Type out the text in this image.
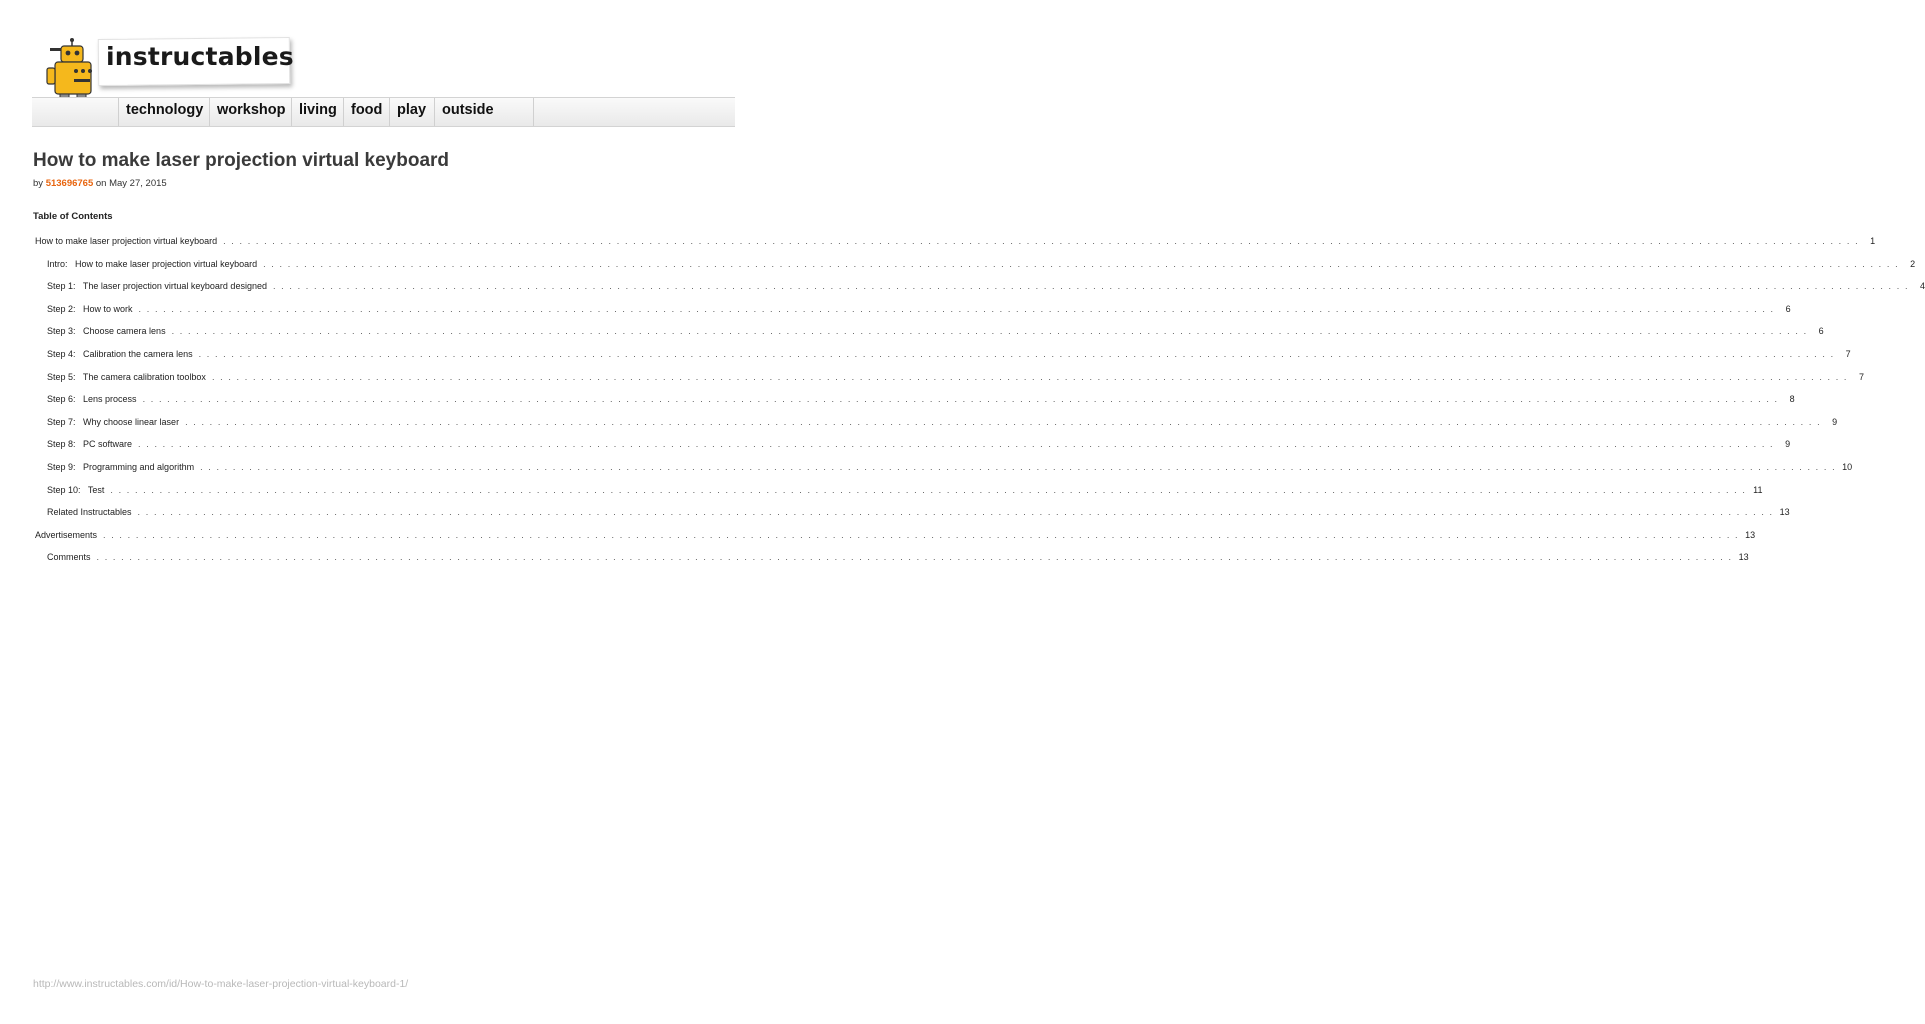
instructables
technology workshop living food	play	outside
How to make laser projection virtual keyboard
by 513696765 on May 27, 2015
Table of Contents
How to make laser projection virtual keyboard . . . . . . . . . . . . . . . . . . . . . . . . . . . . . . . . . . . . . . . . . . . . . . . . . . . . . . . . . . . . . . . . . . . . . . . . . . . . . . . . . . . . . . . . . . . . . . . . . . . . . . . . . . . . . . . . . . . . . . . . . . . . . . . . . . . . . . . . . . . . . . . . . . . . . . . . . . . . . . . . . . . . . . . . . . . . . . . . . . . . . . . . . . . . . . . . . . . . . . . .	1
Intro:   How to make laser projection virtual keyboard . . . . . . . . . . . . . . . . . . . . . . . . . . . . . . . . . . . . . . . . . . . . . . . . . . . . . . . . . . . . . . . . . . . . . . . . . . . . . . . . . . . . . . . . . . . . . . . . . . . . . . . . . . . . . . . . . . . . . . . . . . . . . . . . . . . . . . . . . . . . . . . . . . . . . . . . . . . . . . . . . . . . . . . . . . . . . . . . . . . . . . . . . . . . . . . . . . . . . . . .	2
Step 1:   The laser projection virtual keyboard designed . . . . . . . . . . . . . . . . . . . . . . . . . . . . . . . . . . . . . . . . . . . . . . . . . . . . . . . . . . . . . . . . . . . . . . . . . . . . . . . . . . . . . . . . . . . . . . . . . . . . . . . . . . . . . . . . . . . . . . . . . . . . . . . . . . . . . . . . . . . . . . . . . . . . . . . . . . . . . . . . . . . . . . . . . . . . . . . . . . . . . . . . . . . . . . . . . . . . . . . .	4
Step 2:   How to work . . . . . . . . . . . . . . . . . . . . . . . . . . . . . . . . . . . . . . . . . . . . . . . . . . . . . . . . . . . . . . . . . . . . . . . . . . . . . . . . . . . . . . . . . . . . . . . . . . . . . . . . . . . . . . . . . . . . . . . . . . . . . . . . . . . . . . . . . . . . . . . . . . . . . . . . . . . . . . . . . . . . . . . . . . . . . . . . . . . . . . . . . . . . . . . . . . . . . . . .	6
Step 3:   Choose camera lens . . . . . . . . . . . . . . . . . . . . . . . . . . . . . . . . . . . . . . . . . . . . . . . . . . . . . . . . . . . . . . . . . . . . . . . . . . . . . . . . . . . . . . . . . . . . . . . . . . . . . . . . . . . . . . . . . . . . . . . . . . . . . . . . . . . . . . . . . . . . . . . . . . . . . . . . . . . . . . . . . . . . . . . . . . . . . . . . . . . . . . . . . . . . . . . . . . . . . . . .	6
Step 4:   Calibration the camera lens . . . . . . . . . . . . . . . . . . . . . . . . . . . . . . . . . . . . . . . . . . . . . . . . . . . . . . . . . . . . . . . . . . . . . . . . . . . . . . . . . . . . . . . . . . . . . . . . . . . . . . . . . . . . . . . . . . . . . . . . . . . . . . . . . . . . . . . . . . . . . . . . . . . . . . . . . . . . . . . . . . . . . . . . . . . . . . . . . . . . . . . . . . . . . . . . . . . . . . . .	7
Step 5:   The camera calibration toolbox . . . . . . . . . . . . . . . . . . . . . . . . . . . . . . . . . . . . . . . . . . . . . . . . . . . . . . . . . . . . . . . . . . . . . . . . . . . . . . . . . . . . . . . . . . . . . . . . . . . . . . . . . . . . . . . . . . . . . . . . . . . . . . . . . . . . . . . . . . . . . . . . . . . . . . . . . . . . . . . . . . . . . . . . . . . . . . . . . . . . . . . . . . . . . . . . . . . . . . . .	7
Step 6:   Lens process . . . . . . . . . . . . . . . . . . . . . . . . . . . . . . . . . . . . . . . . . . . . . . . . . . . . . . . . . . . . . . . . . . . . . . . . . . . . . . . . . . . . . . . . . . . . . . . . . . . . . . . . . . . . . . . . . . . . . . . . . . . . . . . . . . . . . . . . . . . . . . . . . . . . . . . . . . . . . . . . . . . . . . . . . . . . . . . . . . . . . . . . . . . . . . . . . . . . . . . .	8
Step 7:   Why choose linear laser . . . . . . . . . . . . . . . . . . . . . . . . . . . . . . . . . . . . . . . . . . . . . . . . . . . . . . . . . . . . . . . . . . . . . . . . . . . . . . . . . . . . . . . . . . . . . . . . . . . . . . . . . . . . . . . . . . . . . . . . . . . . . . . . . . . . . . . . . . . . . . . . . . . . . . . . . . . . . . . . . . . . . . . . . . . . . . . . . . . . . . . . . . . . . . . . . . . . . . . .	9
Step 8:   PC software . . . . . . . . . . . . . . . . . . . . . . . . . . . . . . . . . . . . . . . . . . . . . . . . . . . . . . . . . . . . . . . . . . . . . . . . . . . . . . . . . . . . . . . . . . . . . . . . . . . . . . . . . . . . . . . . . . . . . . . . . . . . . . . . . . . . . . . . . . . . . . . . . . . . . . . . . . . . . . . . . . . . . . . . . . . . . . . . . . . . . . . . . . . . . . . . . . . . . . . .	9
Step 9:   Programming and algorithm . . . . . . . . . . . . . . . . . . . . . . . . . . . . . . . . . . . . . . . . . . . . . . . . . . . . . . . . . . . . . . . . . . . . . . . . . . . . . . . . . . . . . . . . . . . . . . . . . . . . . . . . . . . . . . . . . . . . . . . . . . . . . . . . . . . . . . . . . . . . . . . . . . . . . . . . . . . . . . . . . . . . . . . . . . . . . . . . . . . . . . . . . . . . . . . . . . . . . . . . 10
Step 10:   Test . . . . . . . . . . . . . . . . . . . . . . . . . . . . . . . . . . . . . . . . . . . . . . . . . . . . . . . . . . . . . . . . . . . . . . . . . . . . . . . . . . . . . . . . . . . . . . . . . . . . . . . . . . . . . . . . . . . . . . . . . . . . . . . . . . . . . . . . . . . . . . . . . . . . . . . . . . . . . . . . . . . . . . . . . . . . . . . . . . . . . . . . . . . . . . . . . . . . . . . . 11
Related Instructables . . . . . . . . . . . . . . . . . . . . . . . . . . . . . . . . . . . . . . . . . . . . . . . . . . . . . . . . . . . . . . . . . . . . . . . . . . . . . . . . . . . . . . . . . . . . . . . . . . . . . . . . . . . . . . . . . . . . . . . . . . . . . . . . . . . . . . . . . . . . . . . . . . . . . . . . . . . . . . . . . . . . . . . . . . . . . . . . . . . . . . . . . . . . . . . . . . . . . . . . 13
Advertisements . . . . . . . . . . . . . . . . . . . . . . . . . . . . . . . . . . . . . . . . . . . . . . . . . . . . . . . . . . . . . . . . . . . . . . . . . . . . . . . . . . . . . . . . . . . . . . . . . . . . . . . . . . . . . . . . . . . . . . . . . . . . . . . . . . . . . . . . . . . . . . . . . . . . . . . . . . . . . . . . . . . . . . . . . . . . . . . . . . . . . . . . . . . . . . . . . . . . . . . . 13
Comments . . . . . . . . . . . . . . . . . . . . . . . . . . . . . . . . . . . . . . . . . . . . . . . . . . . . . . . . . . . . . . . . . . . . . . . . . . . . . . . . . . . . . . . . . . . . . . . . . . . . . . . . . . . . . . . . . . . . . . . . . . . . . . . . . . . . . . . . . . . . . . . . . . . . . . . . . . . . . . . . . . . . . . . . . . . . . . . . . . . . . . . . . . . . . . . . . . . . . . . . 13
http://www.instructables.com/id/How-to-make-laser-projection-virtual-keyboard-1/
